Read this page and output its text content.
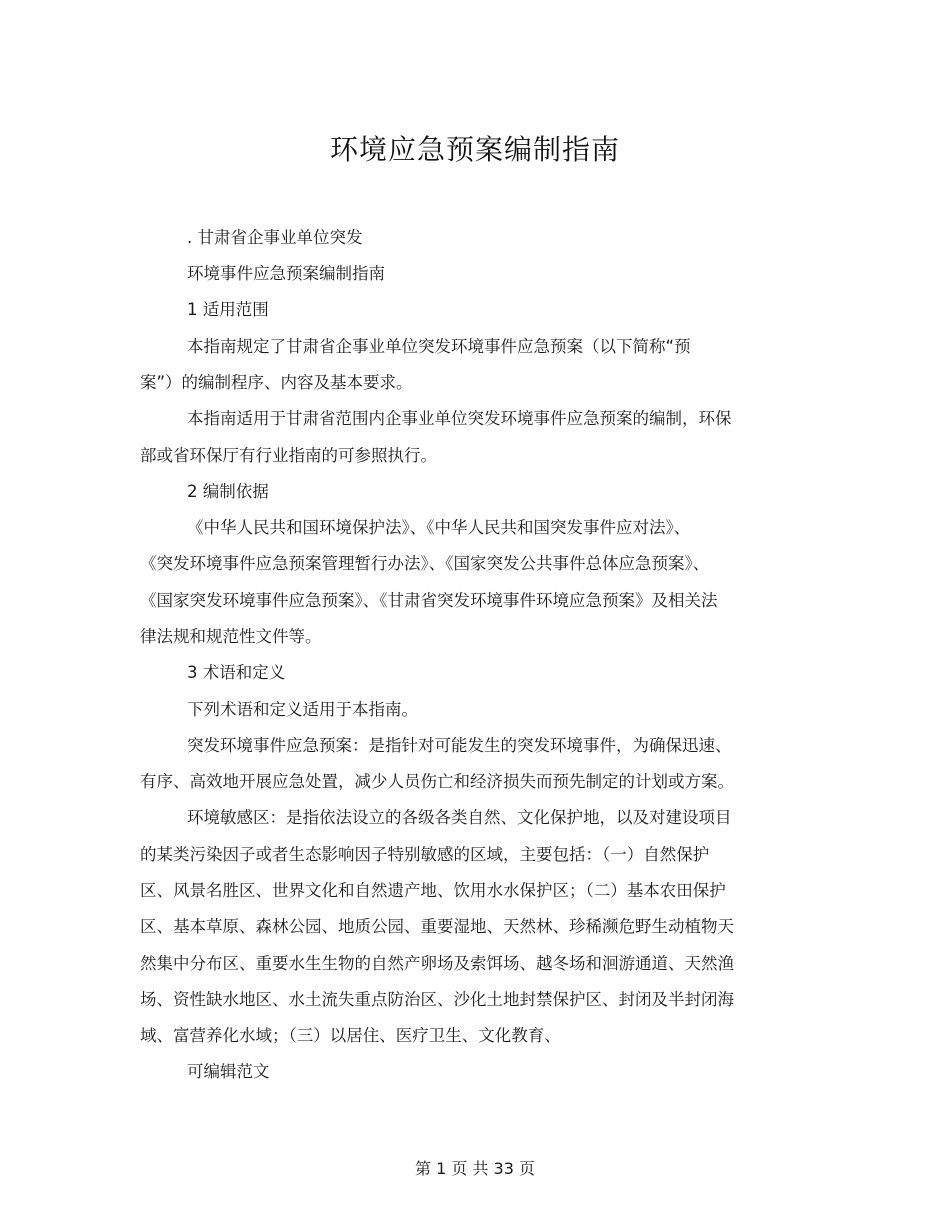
环境应急预案编制指南
. 甘肃省企事业单位突发
环境事件应急预案编制指南
1 适用范围
本指南规定了甘肃省企事业单位突发环境事件应急预案（以下简称“预
案”）的编制程序、内容及基本要求。
本指南适用于甘肃省范围内企事业单位突发环境事件应急预案的编制，环保
部或省环保厅有行业指南的可参照执行。
2 编制依据
《中华人民共和国环境保护法》、《中华人民共和国突发事件应对法》、
《突发环境事件应急预案管理暂行办法》、《国家突发公共事件总体应急预案》、
《国家突发环境事件应急预案》、《甘肃省突发环境事件环境应急预案》及相关法
律法规和规范性文件等。
3 术语和定义
下列术语和定义适用于本指南。
突发环境事件应急预案：是指针对可能发生的突发环境事件，为确保迅速、
有序、高效地开展应急处置，减少人员伤亡和经济损失而预先制定的计划或方案。
环境敏感区：是指依法设立的各级各类自然、文化保护地，以及对建设项目
的某类污染因子或者生态影响因子特别敏感的区域，主要包括：（一）自然保护
区、风景名胜区、世界文化和自然遗产地、饮用水水保护区；（二）基本农田保护
区、基本草原、森林公园、地质公园、重要湿地、天然林、珍稀濒危野生动植物天
然集中分布区、重要水生生物的自然产卵场及索饵场、越冬场和洄游通道、天然渔
场、资性缺水地区、水土流失重点防治区、沙化土地封禁保护区、封闭及半封闭海
域、富营养化水域；（三）以居住、医疗卫生、文化教育、
可编辑范文
第 1 页 共 33 页
